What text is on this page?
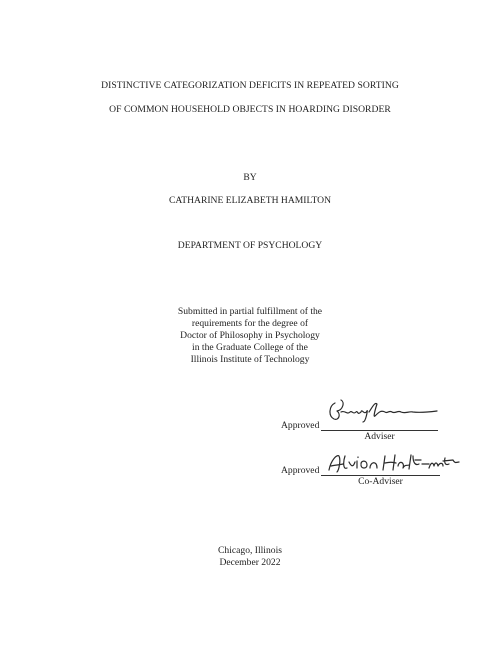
DISTINCTIVE CATEGORIZATION DEFICITS IN REPEATED SORTING
OF COMMON HOUSEHOLD OBJECTS IN HOARDING DISORDER
BY
CATHARINE ELIZABETH HAMILTON
DEPARTMENT OF PSYCHOLOGY
Submitted in partial fulfillment of the
requirements for the degree of
Doctor of Philosophy in Psychology
in the Graduate College of the
Illinois Institute of Technology
Approved
Adviser
Approved
Co-Adviser
Chicago, Illinois
December 2022
